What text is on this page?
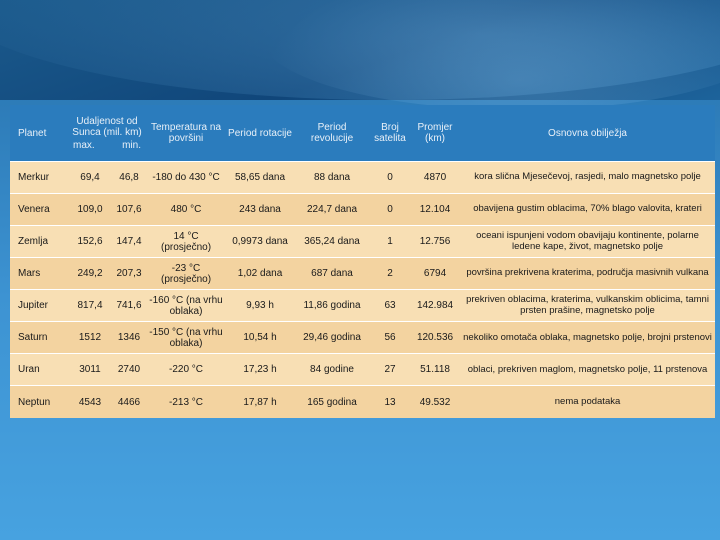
Planet	Udaljenost od Sunca (mil. km)
max. min.		Temperatura na površini	Period rotacije	Period revolucije	Broj satelita	Promjer (km)	Osnovna obilježja
Merkur	69,4	46,8	-180 do 430 °C	58,65 dana	88 dana	0	4870	kora slična Mjesečevoj, rasjedi, malo magnetsko polje
Venera	109,0	107,6	480 °C	243 dana	224,7 dana	0	12.104	obavijena gustim oblacima, 70% blago valovita, krateri
Zemlja	152,6	147,4	14 °C (prosječno)	0,9973 dana	365,24 dana	1	12.756	oceani ispunjeni vodom obavijaju kontinente, polarne ledene kape, život, magnetsko polje
Mars	249,2	207,3	-23 °C (prosječno)	1,02 dana	687 dana	2	6794	površina prekrivena kraterima, područja masivnih vulkana
Jupiter	817,4	741,6	-160 °C (na vrhu oblaka)	9,93 h	11,86 godina	63	142.984	prekriven oblacima, kraterima, vulkanskim oblicima, tamni prsten prašine, magnetsko polje
Saturn	1512	1346	-150 °C (na vrhu oblaka)	10,54 h	29,46 godina	56	120.536	nekoliko omotača oblaka, magnetsko polje, brojni prstenovi
Uran	3011	2740	-220 °C	17,23 h	84 godine	27	51.118	oblaci, prekriven maglom, magnetsko polje, 11 prstenova
Neptun	4543	4466	-213 °C	17,87 h	165 godina	13	49.532	nema podataka
